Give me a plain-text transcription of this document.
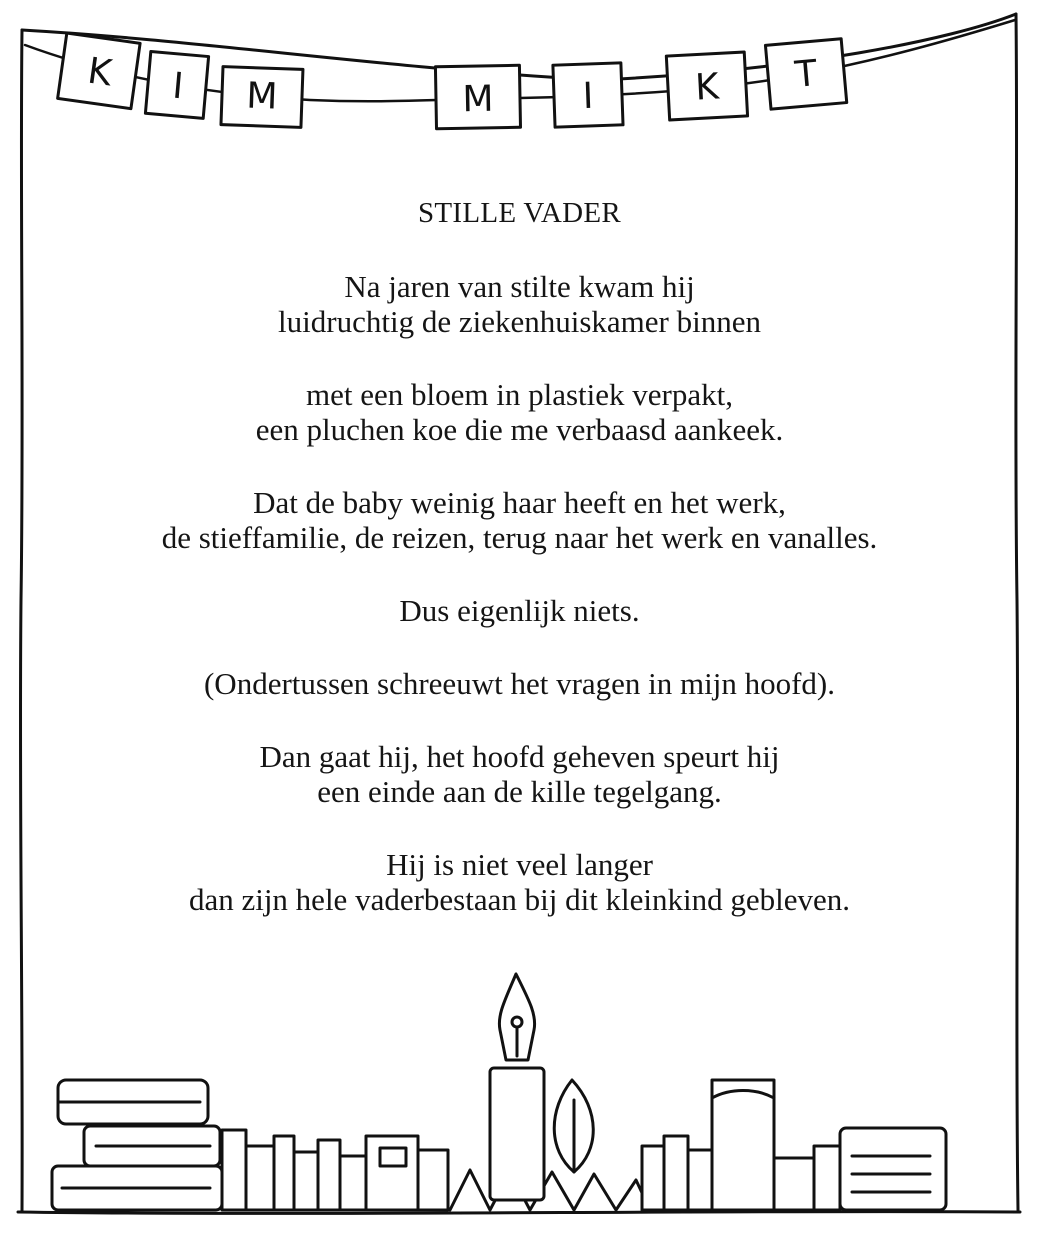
K I M	M I	K T
STILLE VADER
Na jaren van stilte kwam hij
luidruchtig de ziekenhuiskamer binnen
met een bloem in plastiek verpakt,
een pluchen koe die me verbaasd aankeek.
Dat de baby weinig haar heeft en het werk,
de stieffamilie, de reizen, terug naar het werk en vanalles.
Dus eigenlijk niets.
(Ondertussen schreeuwt het vragen in mijn hoofd).
Dan gaat hij, het hoofd geheven speurt hij
een einde aan de kille tegelgang.
Hij is niet veel langer
dan zijn hele vaderbestaan bij dit kleinkind gebleven.
